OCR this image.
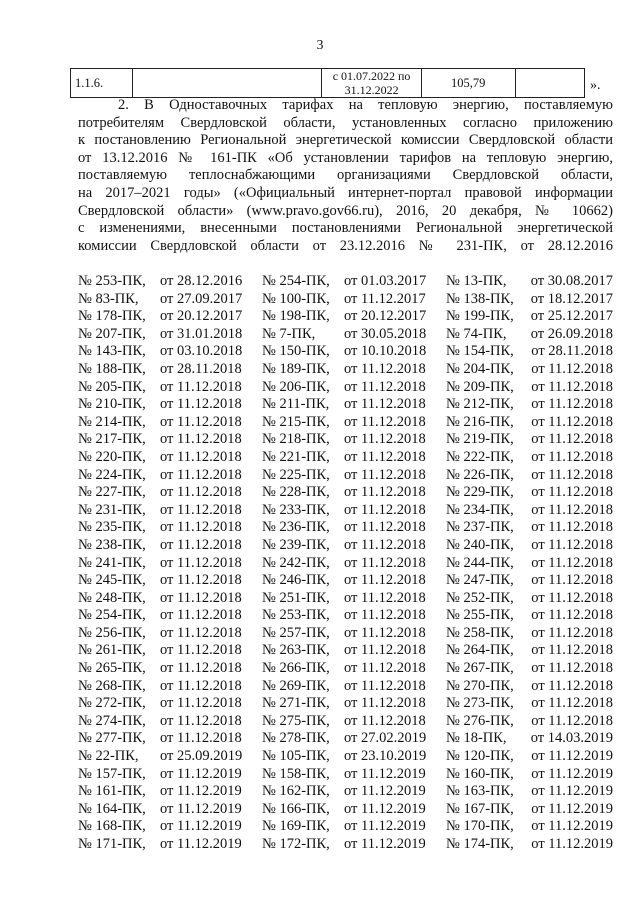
3
1.1.6.		с 01.07.2022 по
31.12.2022	105,79		».
2. В Одноставочных тарифах на тепловую энергию, поставляемую
потребителям Свердловской области, установленных согласно приложению
к постановлению Региональной энергетической комиссии Свердловской области
от 13.12.2016 № 161-ПК «Об установлении тарифов на тепловую энергию,
поставляемую теплоснабжающими организациями Свердловской области,
на 2017–2021 годы» («Официальный интернет-портал правовой информации
Свердловской области» (www.pravo.gov66.ru), 2016, 20 декабря, № 10662)
с изменениями, внесенными постановлениями Региональной энергетической
комиссии Свердловской области от 23.12.2016 № 231-ПК, от 28.12.2016
№ 253-ПК, от 28.12.2016 № 254-ПК, от 01.03.2017 № 13-ПК, от 30.08.2017
№ 83-ПК, от 27.09.2017 № 100-ПК, от 11.12.2017 № 138-ПК, от 18.12.2017
№ 178-ПК, от 20.12.2017 № 198-ПК, от 20.12.2017 № 199-ПК, от 25.12.2017
№ 207-ПК, от 31.01.2018 № 7-ПК, от 30.05.2018 № 74-ПК, от 26.09.2018
№ 143-ПК, от 03.10.2018 № 150-ПК, от 10.10.2018 № 154-ПК, от 28.11.2018
№ 188-ПК, от 28.11.2018 № 189-ПК, от 11.12.2018 № 204-ПК, от 11.12.2018
№ 205-ПК, от 11.12.2018 № 206-ПК, от 11.12.2018 № 209-ПК, от 11.12.2018
№ 210-ПК, от 11.12.2018 № 211-ПК, от 11.12.2018 № 212-ПК, от 11.12.2018
№ 214-ПК, от 11.12.2018 № 215-ПК, от 11.12.2018 № 216-ПК, от 11.12.2018
№ 217-ПК, от 11.12.2018 № 218-ПК, от 11.12.2018 № 219-ПК, от 11.12.2018
№ 220-ПК, от 11.12.2018 № 221-ПК, от 11.12.2018 № 222-ПК, от 11.12.2018
№ 224-ПК, от 11.12.2018 № 225-ПК, от 11.12.2018 № 226-ПК, от 11.12.2018
№ 227-ПК, от 11.12.2018 № 228-ПК, от 11.12.2018 № 229-ПК, от 11.12.2018
№ 231-ПК, от 11.12.2018 № 233-ПК, от 11.12.2018 № 234-ПК, от 11.12.2018
№ 235-ПК, от 11.12.2018 № 236-ПК, от 11.12.2018 № 237-ПК, от 11.12.2018
№ 238-ПК, от 11.12.2018 № 239-ПК, от 11.12.2018 № 240-ПК, от 11.12.2018
№ 241-ПК, от 11.12.2018 № 242-ПК, от 11.12.2018 № 244-ПК, от 11.12.2018
№ 245-ПК, от 11.12.2018 № 246-ПК, от 11.12.2018 № 247-ПК, от 11.12.2018
№ 248-ПК, от 11.12.2018 № 251-ПК, от 11.12.2018 № 252-ПК, от 11.12.2018
№ 254-ПК, от 11.12.2018 № 253-ПК, от 11.12.2018 № 255-ПК, от 11.12.2018
№ 256-ПК, от 11.12.2018 № 257-ПК, от 11.12.2018 № 258-ПК, от 11.12.2018
№ 261-ПК, от 11.12.2018 № 263-ПК, от 11.12.2018 № 264-ПК, от 11.12.2018
№ 265-ПК, от 11.12.2018 № 266-ПК, от 11.12.2018 № 267-ПК, от 11.12.2018
№ 268-ПК, от 11.12.2018 № 269-ПК, от 11.12.2018 № 270-ПК, от 11.12.2018
№ 272-ПК, от 11.12.2018 № 271-ПК, от 11.12.2018 № 273-ПК, от 11.12.2018
№ 274-ПК, от 11.12.2018 № 275-ПК, от 11.12.2018 № 276-ПК, от 11.12.2018
№ 277-ПК, от 11.12.2018 № 278-ПК, от 27.02.2019 № 18-ПК, от 14.03.2019
№ 22-ПК, от 25.09.2019 № 105-ПК, от 23.10.2019 № 120-ПК, от 11.12.2019
№ 157-ПК, от 11.12.2019 № 158-ПК, от 11.12.2019 № 160-ПК, от 11.12.2019
№ 161-ПК, от 11.12.2019 № 162-ПК, от 11.12.2019 № 163-ПК, от 11.12.2019
№ 164-ПК, от 11.12.2019 № 166-ПК, от 11.12.2019 № 167-ПК, от 11.12.2019
№ 168-ПК, от 11.12.2019 № 169-ПК, от 11.12.2019 № 170-ПК, от 11.12.2019
№ 171-ПК, от 11.12.2019 № 172-ПК, от 11.12.2019 № 174-ПК, от 11.12.2019
